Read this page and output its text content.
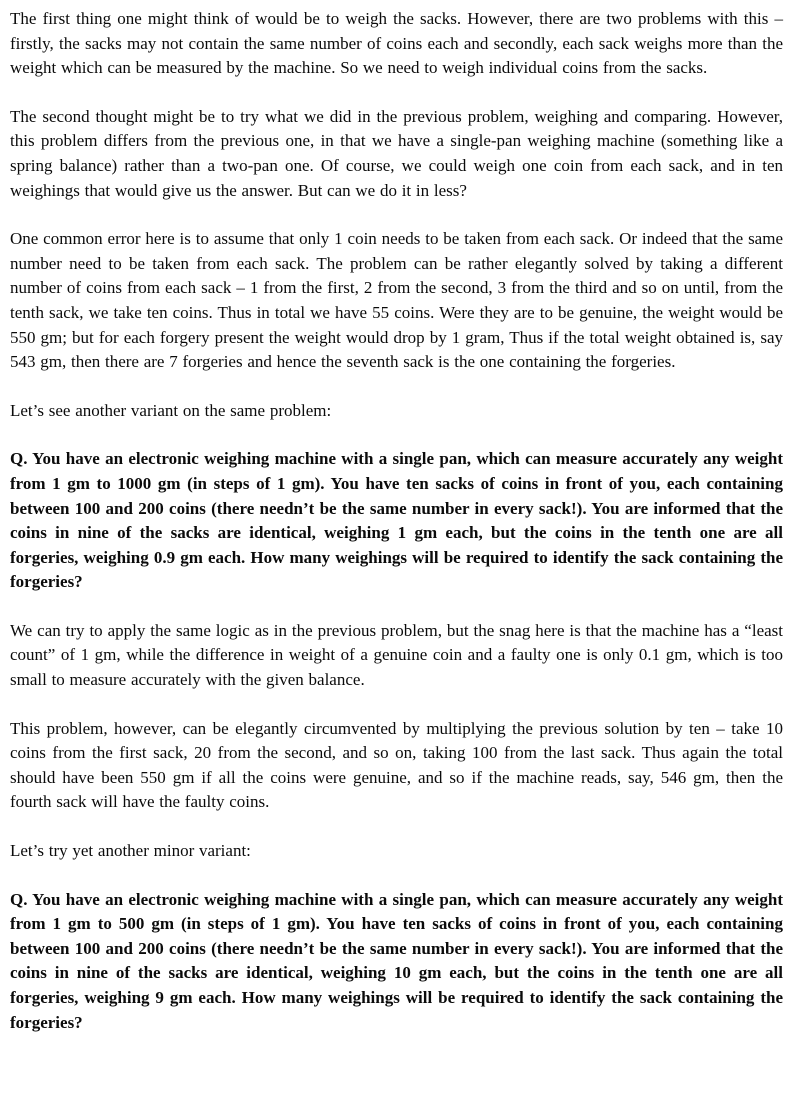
The first thing one might think of would be to weigh the sacks. However, there are two problems with this – firstly, the sacks may not contain the same number of coins each and secondly, each sack weighs more than the weight which can be measured by the machine. So we need to weigh individual coins from the sacks.

The second thought might be to try what we did in the previous problem, weighing and comparing. However, this problem differs from the previous one, in that we have a single-pan weighing machine (something like a spring balance) rather than a two-pan one. Of course, we could weigh one coin from each sack, and in ten weighings that would give us the answer. But can we do it in less?

One common error here is to assume that only 1 coin needs to be taken from each sack. Or indeed that the same number need to be taken from each sack. The problem can be rather elegantly solved by taking a different number of coins from each sack – 1 from the first, 2 from the second, 3 from the third and so on until, from the tenth sack, we take ten coins. Thus in total we have 55 coins. Were they are to be genuine, the weight would be 550 gm; but for each forgery present the weight would drop by 1 gram, Thus if the total weight obtained is, say 543 gm, then there are 7 forgeries and hence the seventh sack is the one containing the forgeries.

Let’s see another variant on the same problem:

Q. You have an electronic weighing machine with a single pan, which can measure accurately any weight from 1 gm to 1000 gm (in steps of 1 gm). You have ten sacks of coins in front of you, each containing between 100 and 200 coins (there needn’t be the same number in every sack!). You are informed that the coins in nine of the sacks are identical, weighing 1 gm each, but the coins in the tenth one are all forgeries, weighing 0.9 gm each. How many weighings will be required to identify the sack containing the forgeries?

We can try to apply the same logic as in the previous problem, but the snag here is that the machine has a “least count” of 1 gm, while the difference in weight of a genuine coin and a faulty one is only 0.1 gm, which is too small to measure accurately with the given balance.

This problem, however, can be elegantly circumvented by multiplying the previous solution by ten – take 10 coins from the first sack, 20 from the second, and so on, taking 100 from the last sack. Thus again the total should have been 550 gm if all the coins were genuine, and so if the machine reads, say, 546 gm, then the fourth sack will have the faulty coins.

Let’s try yet another minor variant:

Q. You have an electronic weighing machine with a single pan, which can measure accurately any weight from 1 gm to 500 gm (in steps of 1 gm). You have ten sacks of coins in front of you, each containing between 100 and 200 coins (there needn’t be the same number in every sack!). You are informed that the coins in nine of the sacks are identical, weighing 10 gm each, but the coins in the tenth one are all forgeries, weighing 9 gm each. How many weighings will be required to identify the sack containing the forgeries?
